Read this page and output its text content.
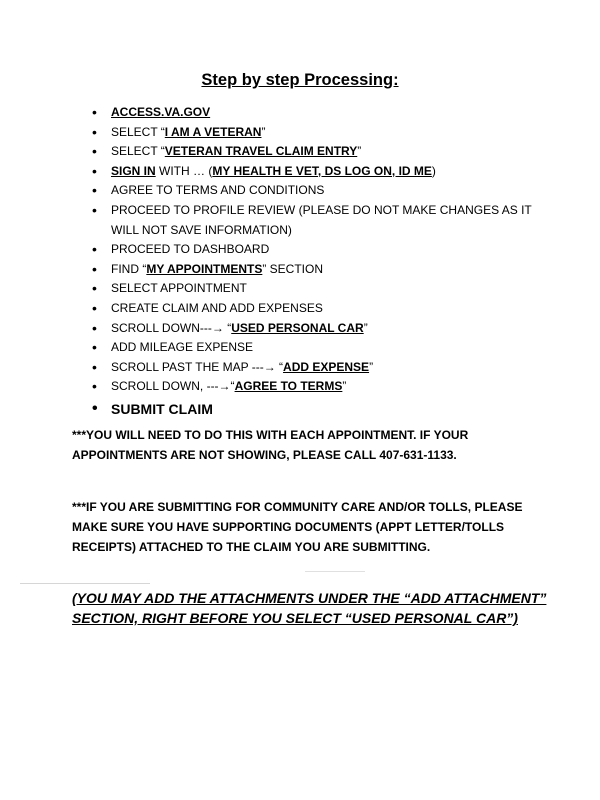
Step by step Processing:
• ACCESS.VA.GOV
• SELECT “I AM A VETERAN”
• SELECT “VETERAN TRAVEL CLAIM ENTRY”
• SIGN IN WITH … (MY HEALTH E VET, DS LOG ON, ID ME)
• AGREE TO TERMS AND CONDITIONS
• PROCEED TO PROFILE REVIEW (PLEASE DO NOT MAKE CHANGES AS IT WILL NOT SAVE INFORMATION)
• PROCEED TO DASHBOARD
• FIND “MY APPOINTMENTS” SECTION
• SELECT APPOINTMENT
• CREATE CLAIM AND ADD EXPENSES
• SCROLL DOWN---→ “USED PERSONAL CAR”
• ADD MILEAGE EXPENSE
• SCROLL PAST THE MAP ---→ “ADD EXPENSE”
• SCROLL DOWN, ---→“AGREE TO TERMS”
• SUBMIT CLAIM
***YOU WILL NEED TO DO THIS WITH EACH APPOINTMENT. IF YOUR APPOINTMENTS ARE NOT SHOWING, PLEASE CALL 407-631-1133.
***IF YOU ARE SUBMITTING FOR COMMUNITY CARE AND/OR TOLLS, PLEASE MAKE SURE YOU HAVE SUPPORTING DOCUMENTS (APPT LETTER/TOLLS RECEIPTS) ATTACHED TO THE CLAIM YOU ARE SUBMITTING.
(YOU MAY ADD THE ATTACHMENTS UNDER THE “ADD ATTACHMENT” SECTION, RIGHT BEFORE YOU SELECT “USED PERSONAL CAR”)
